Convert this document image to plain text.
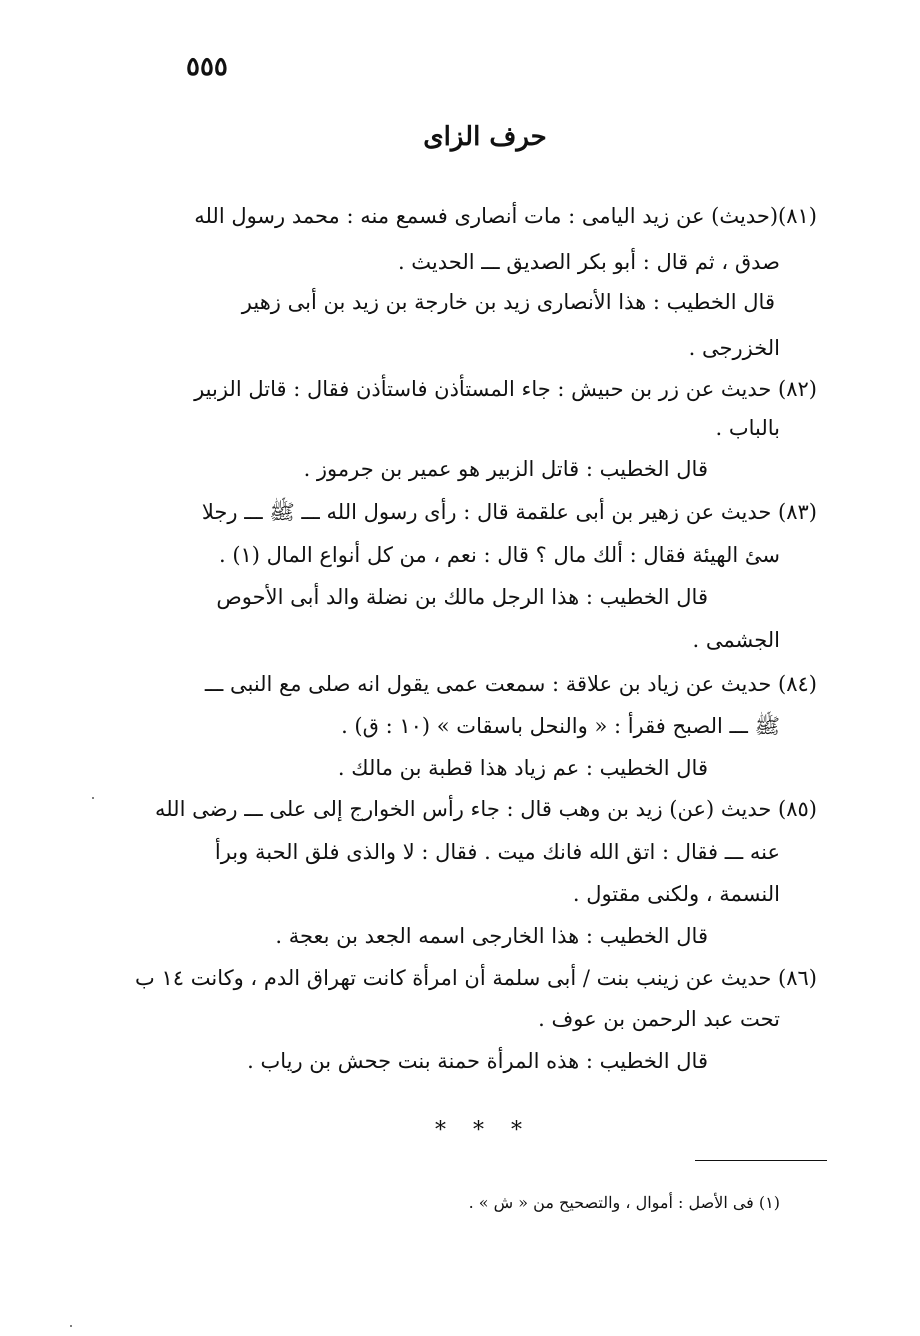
٥٥٥
حرف الزاى
(٨١)(حديث) عن زيد اليامى : مات أنصارى فسمع منه : محمد رسول الله
صدق ، ثم قال : أبو بكر الصديق ـــ الحديث .
قال الخطيب : هذا الأنصارى زيد بن خارجة بن زيد بن أبى زهير
الخزرجى .
(٨٢) حديث عن زر بن حبيش : جاء المستأذن فاستأذن فقال : قاتل الزبير
بالباب .
قال الخطيب : قاتل الزبير هو عمير بن جرموز .
(٨٣) حديث عن زهير بن أبى علقمة قال : رأى رسول الله ـــ ﷺ ـــ رجلا
سئ الهيئة فقال : ألك مال ؟ قال : نعم ، من كل أنواع المال (١) .
قال الخطيب : هذا الرجل مالك بن نضلة والد أبى الأحوص
الجشمى .
(٨٤) حديث عن زياد بن علاقة : سمعت عمى يقول انه صلى مع النبى ـــ
ﷺ ـــ الصبح فقرأ : « والنحل باسقات » (١٠ : ق) .
قال الخطيب : عم زياد هذا قطبة بن مالك .
(٨٥) حديث (عن) زيد بن وهب قال : جاء رأس الخوارج إلى على ـــ رضى الله
عنه ـــ فقال : اتق الله فانك ميت . فقال : لا والذى فلق الحبة وبرأ
النسمة ، ولكنى مقتول .
قال الخطيب : هذا الخارجى اسمه الجعد بن بعجة .
(٨٦) حديث عن زينب بنت / أبى سلمة أن امرأة كانت تهراق الدم ، وكانت ١٤ ب
تحت عبد الرحمن بن عوف .
قال الخطيب : هذه المرأة حمنة بنت جحش بن رياب .
* * *
(١) فى الأصل : أموال ، والتصحيح من « ش » .
